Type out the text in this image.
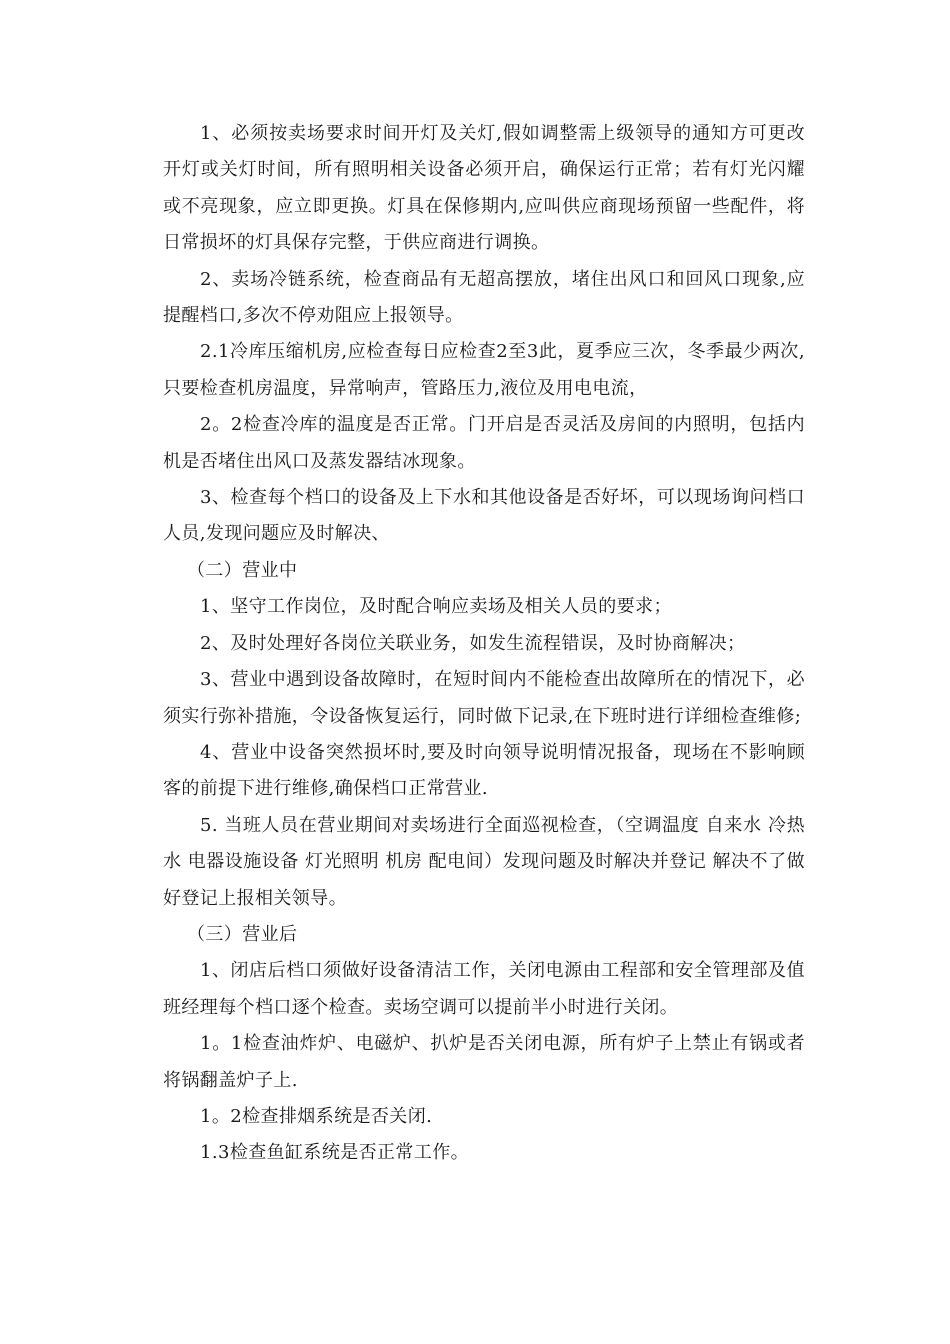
1、必须按卖场要求时间开灯及关灯,假如调整需上级领导的通知方可更改开灯或关灯时间，所有照明相关设备必须开启，确保运行正常；若有灯光闪耀或不亮现象，应立即更换。灯具在保修期内,应叫供应商现场预留一些配件，将日常损坏的灯具保存完整，于供应商进行调换。

2、卖场冷链系统，检查商品有无超高摆放，堵住出风口和回风口现象,应提醒档口,多次不停劝阻应上报领导。

2.1冷库压缩机房,应检查每日应检查2至3此，夏季应三次，冬季最少两次,只要检查机房温度，异常响声，管路压力,液位及用电电流，

2。2检查冷库的温度是否正常。门开启是否灵活及房间的内照明，包括内机是否堵住出风口及蒸发器结冰现象。

3、检查每个档口的设备及上下水和其他设备是否好坏，可以现场询问档口人员,发现问题应及时解决、

（二）营业中

1、坚守工作岗位，及时配合响应卖场及相关人员的要求；

2、及时处理好各岗位关联业务，如发生流程错误，及时协商解决；

3、营业中遇到设备故障时，在短时间内不能检查出故障所在的情况下，必须实行弥补措施，令设备恢复运行，同时做下记录,在下班时进行详细检查维修;

4、营业中设备突然损坏时,要及时向领导说明情况报备，现场在不影响顾客的前提下进行维修,确保档口正常营业.

5. 当班人员在营业期间对卖场进行全面巡视检查，（空调温度 自来水 冷热水 电器设施设备 灯光照明 机房 配电间）发现问题及时解决并登记 解决不了做好登记上报相关领导。

（三）营业后

1、闭店后档口须做好设备清洁工作，关闭电源由工程部和安全管理部及值班经理每个档口逐个检查。卖场空调可以提前半小时进行关闭。

1。1检查油炸炉、电磁炉、扒炉是否关闭电源，所有炉子上禁止有锅或者将锅翻盖炉子上.

1。2检查排烟系统是否关闭.

1.3检查鱼缸系统是否正常工作。
